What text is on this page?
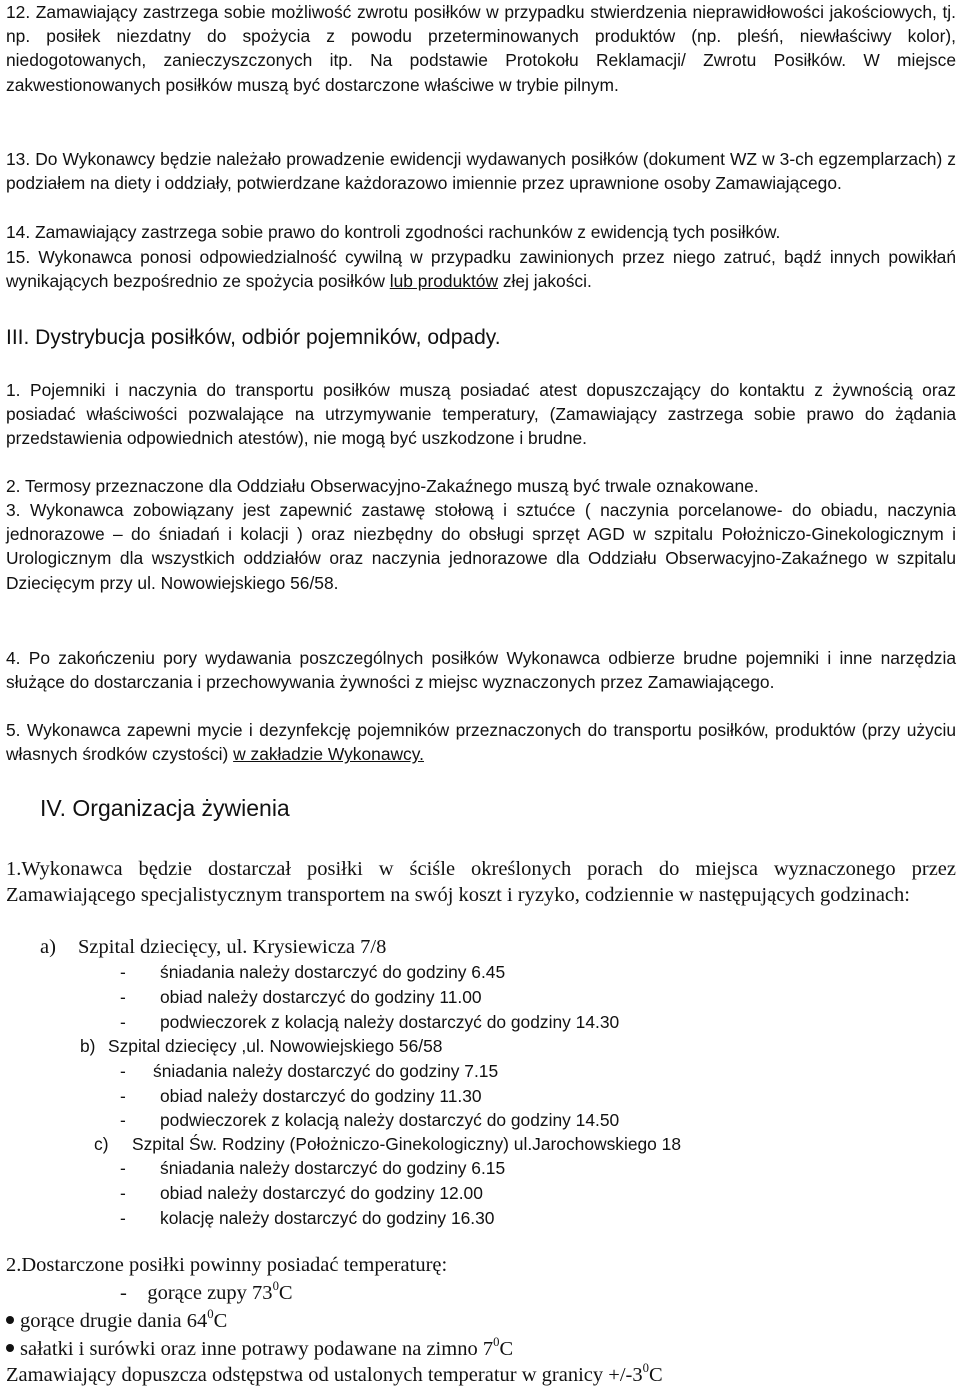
12. Zamawiający zastrzega sobie możliwość zwrotu posiłków w przypadku stwierdzenia nieprawidłowości jakościowych, tj. np. posiłek niezdatny do spożycia z powodu przeterminowanych produktów (np. pleśń, niewłaściwy kolor), niedogotowanych, zanieczyszczonych itp. Na podstawie Protokołu Reklamacji/ Zwrotu Posiłków. W miejsce zakwestionowanych posiłków muszą być dostarczone właściwe w trybie pilnym.

13. Do Wykonawcy będzie należało prowadzenie ewidencji wydawanych posiłków (dokument WZ w 3-ch egzemplarzach) z podziałem na diety i oddziały, potwierdzane każdorazowo imiennie przez uprawnione osoby Zamawiającego.

14. Zamawiający zastrzega sobie prawo do kontroli zgodności rachunków z ewidencją tych posiłków.

15. Wykonawca ponosi odpowiedzialność cywilną w przypadku zawinionych przez niego zatruć, bądź innych powikłań wynikających bezpośrednio ze spożycia posiłków lub produktów złej jakości.

III. Dystrybucja posiłków, odbiór pojemników, odpady.

1. Pojemniki i naczynia do transportu posiłków muszą posiadać atest dopuszczający do kontaktu z żywnością oraz posiadać właściwości pozwalające na utrzymywanie temperatury, (Zamawiający zastrzega sobie prawo do żądania przedstawienia odpowiednich atestów), nie mogą być uszkodzone i brudne.

2. Termosy przeznaczone dla Oddziału Obserwacyjno-Zakaźnego muszą być trwale oznakowane.

3. Wykonawca zobowiązany jest zapewnić zastawę stołową i sztućce ( naczynia porcelanowe- do obiadu, naczynia jednorazowe – do śniadań i kolacji ) oraz niezbędny do obsługi sprzęt AGD w szpitalu Położniczo-Ginekologicznym i Urologicznym dla wszystkich oddziałów oraz naczynia jednorazowe dla Oddziału Obserwacyjno-Zakaźnego w szpitalu Dziecięcym przy ul. Nowowiejskiego 56/58.

4. Po zakończeniu pory wydawania poszczególnych posiłków Wykonawca odbierze brudne pojemniki i inne narzędzia służące do dostarczania i przechowywania żywności z miejsc wyznaczonych przez Zamawiającego.

5. Wykonawca zapewni mycie i dezynfekcję pojemników przeznaczonych do transportu posiłków, produktów (przy użyciu własnych środków czystości) w zakładzie Wykonawcy.

IV. Organizacja żywienia

1.Wykonawca będzie dostarczał posiłki w ściśle określonych porach do miejsca wyznaczonego przez Zamawiającego specjalistycznym transportem na swój koszt i ryzyko, codziennie w następujących godzinach:

a) Szpital dziecięcy, ul. Krysiewicza 7/8

- śniadania należy dostarczyć do godziny 6.45
- obiad należy dostarczyć do godziny 11.00
- podwieczorek z kolacją należy dostarczyć do godziny 14.30

b) Szpital dziecięcy ,ul. Nowowiejskiego 56/58

- śniadania należy dostarczyć do godziny 7.15
- obiad należy dostarczyć do godziny 11.30
- podwieczorek z kolacją należy dostarczyć do godziny 14.50

c) Szpital Św. Rodziny (Położniczo-Ginekologiczny) ul.Jarochowskiego 18

- śniadania należy dostarczyć do godziny 6.15
- obiad należy dostarczyć do godziny 12.00
- kolację należy dostarczyć do godziny 16.30

2.Dostarczone posiłki powinny posiadać temperaturę:

- gorące zupy $73^0C$

gorące drugie dania $64^0C$

sałatki i surówki oraz inne potrawy podawane na zimno $7^0C$

Zamawiający dopuszcza odstępstwa od ustalonych temperatur w granicy $+/-3^0C$
